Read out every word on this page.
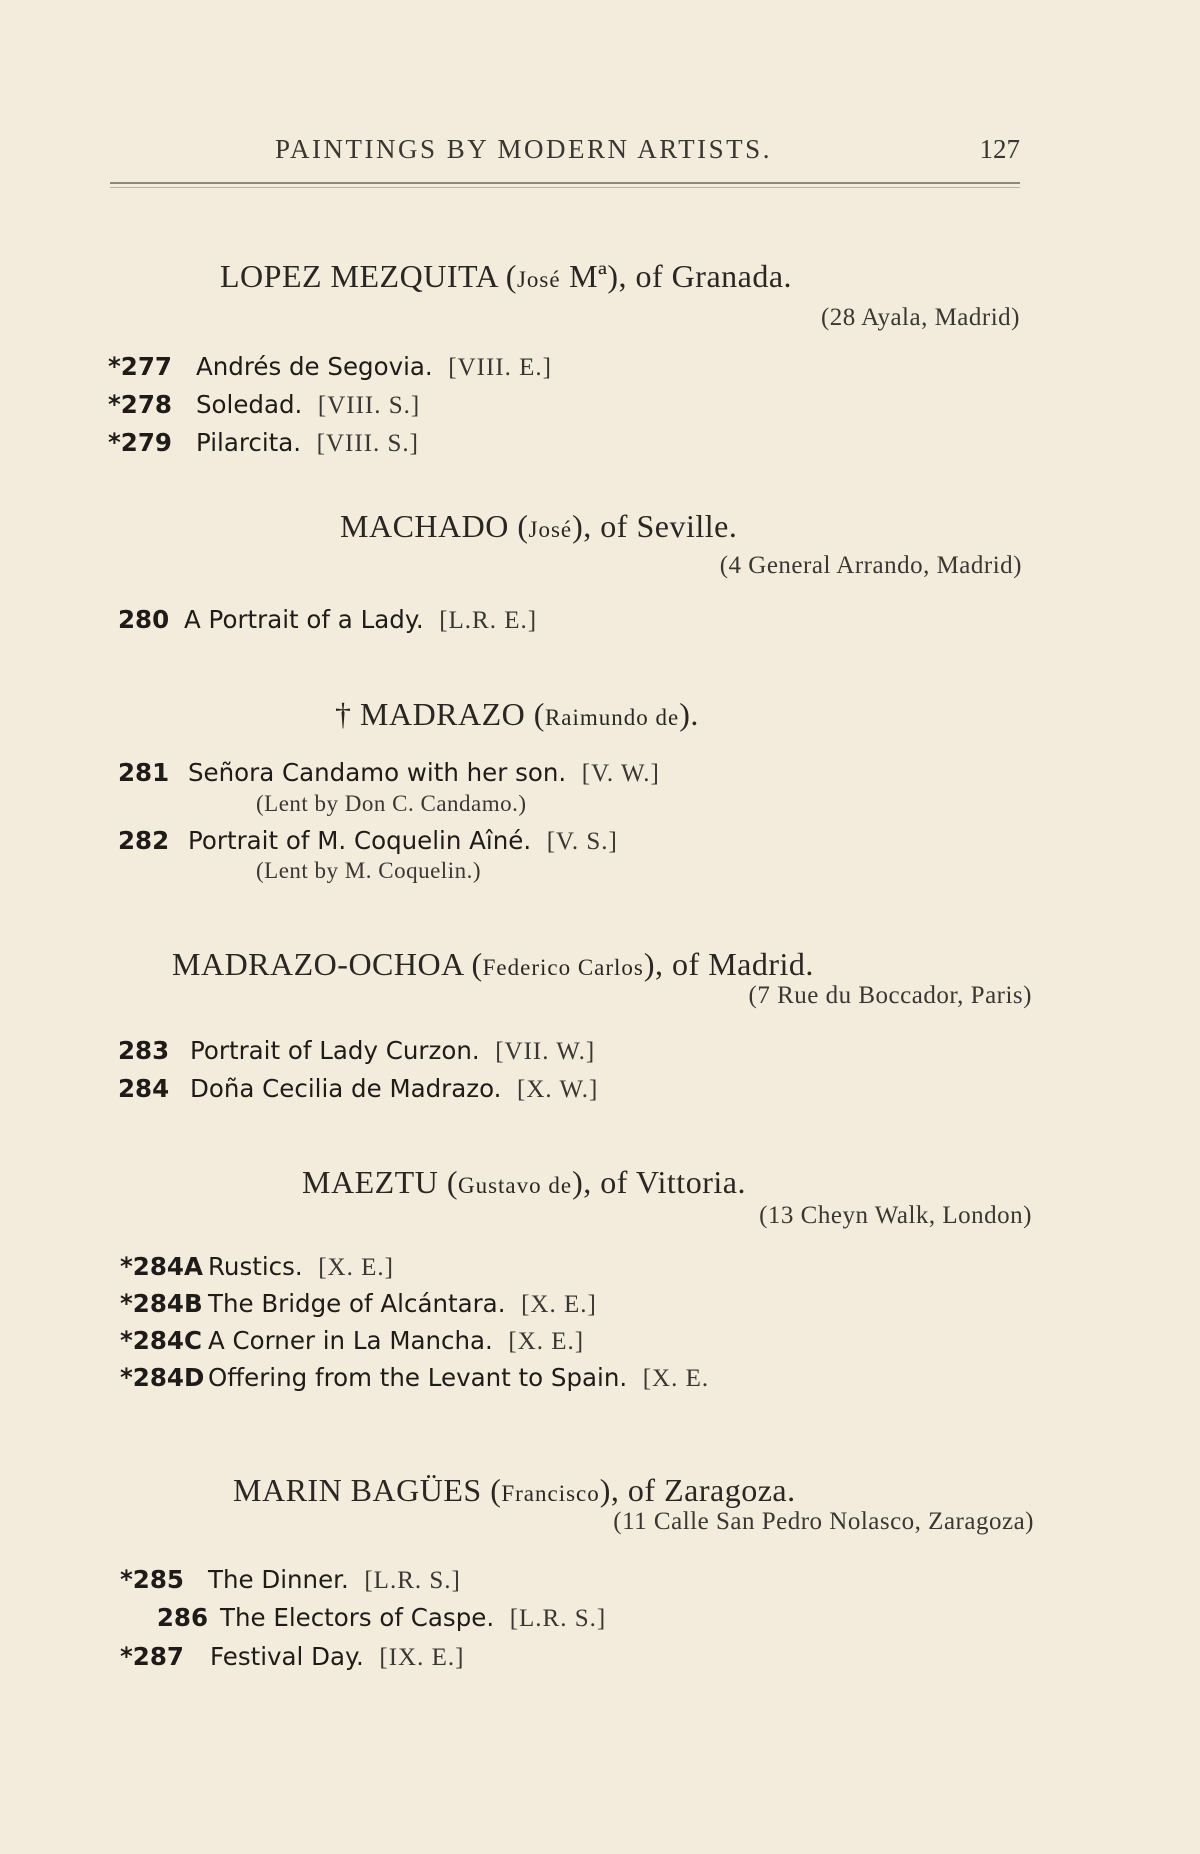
PAINTINGS BY MODERN ARTISTS.	127
LOPEZ MEZQUITA (José Mª), of Granada.
(28 Ayala, Madrid)
*277 Andrés de Segovia. [VIII. E.]
*278 Soledad. [VIII. S.]
*279 Pilarcita. [VIII. S.]
MACHADO (José), of Seville.
(4 General Arrando, Madrid)
280 A Portrait of a Lady. [L.R. E.]
† MADRAZO (Raimundo de).
281 Señora Candamo with her son. [V. W.]
(Lent by Don C. Candamo.)
282 Portrait of M. Coquelin Aîné. [V. S.]
(Lent by M. Coquelin.)
MADRAZO-OCHOA (Federico Carlos), of Madrid.
(7 Rue du Boccador, Paris)
283 Portrait of Lady Curzon. [VII. W.]
284 Doña Cecilia de Madrazo. [X. W.]
MAEZTU (Gustavo de), of Vittoria.
(13 Cheyn Walk, London)
*284A Rustics. [X. E.]
*284B The Bridge of Alcántara. [X. E.]
*284C A Corner in La Mancha. [X. E.]
*284D Offering from the Levant to Spain. [X. E.
MARIN BAGÜES (Francisco), of Zaragoza.
(11 Calle San Pedro Nolasco, Zaragoza)
*285 The Dinner. [L.R. S.]
286 The Electors of Caspe. [L.R. S.]
*287 Festival Day. [IX. E.]
